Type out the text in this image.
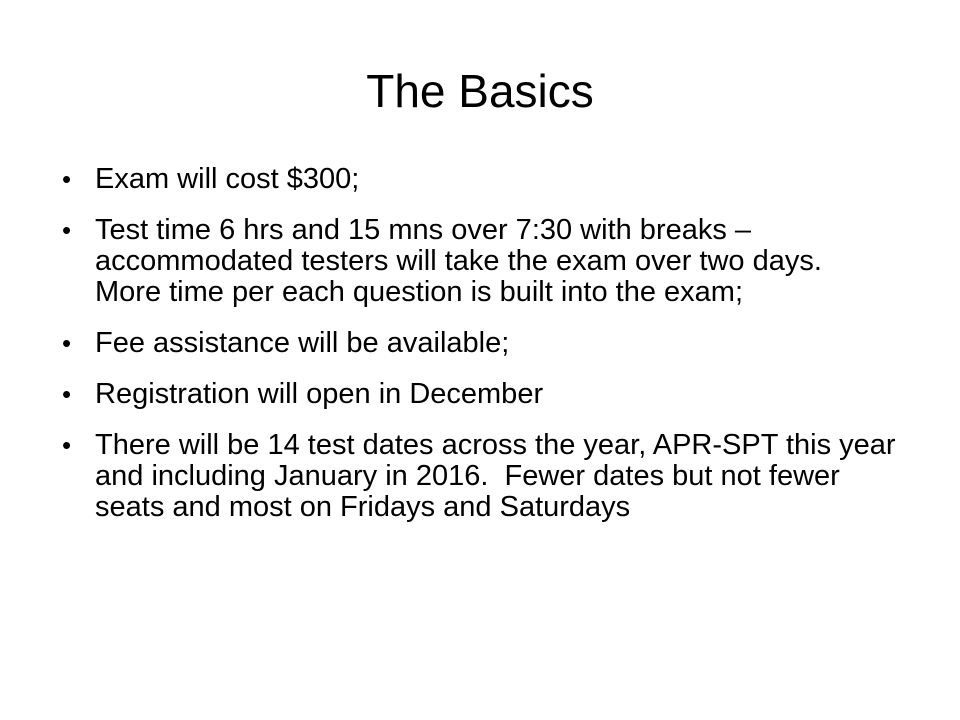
The Basics
• Exam will cost $300;
• Test time 6 hrs and 15 mns over 7:30 with breaks –accommodated testers will take the exam over two days.  More time per each question is built into the exam;
• Fee assistance will be available;
• Registration will open in December
• There will be 14 test dates across the year, APR-SPT this year and including January in 2016.  Fewer dates but not fewer seats and most on Fridays and Saturdays
